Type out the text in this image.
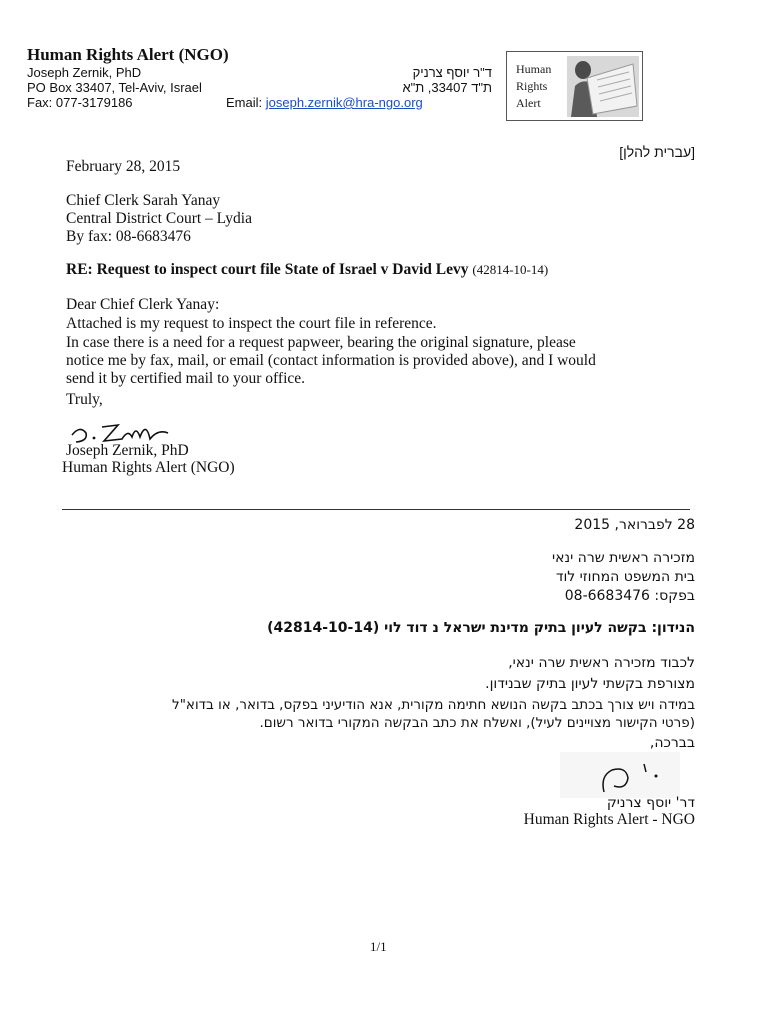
Human Rights Alert (NGO)
Joseph Zernik, PhD
PO Box 33407, Tel-Aviv, Israel
Fax: 077-3179186	Email: joseph.zernik@hra-ngo.org
ד"ר יוסף צרניק
ת"ד 33407, ת"א
Human
Rights
Alert
[עברית להלן]
February 28, 2015
Chief Clerk Sarah Yanay
Central District Court – Lydia
By fax: 08-6683476
RE: Request to inspect court file State of Israel v David Levy (42814-10-14)
Dear Chief Clerk Yanay:
Attached is my request to inspect the court file in reference.
In case there is a need for a request papweer, bearing the original signature, please
notice me by fax, mail, or email (contact information is provided above), and I would
send it by certified mail to your office.
Truly,
Joseph Zernik, PhD
Human Rights Alert (NGO)
28 לפברואר, 2015
מזכירה ראשית שרה ינאי
בית המשפט המחוזי לוד
בפקס: 08-6683476
הנידון: בקשה לעיון בתיק מדינת ישראל נ דוד לוי (42814-10-14)
לכבוד מזכירה ראשית שרה ינאי,
מצורפת בקשתי לעיון בתיק שבנידון.
במידה ויש צורך בכתב בקשה הנושא חתימה מקורית, אנא הודיעיני בפקס, בדואר, או בדוא"ל
(פרטי הקישור מצויינים לעיל), ואשלח את כתב הבקשה המקורי בדואר רשום.
בברכה,
דר' יוסף צרניק
Human Rights Alert - NGO
1/1
